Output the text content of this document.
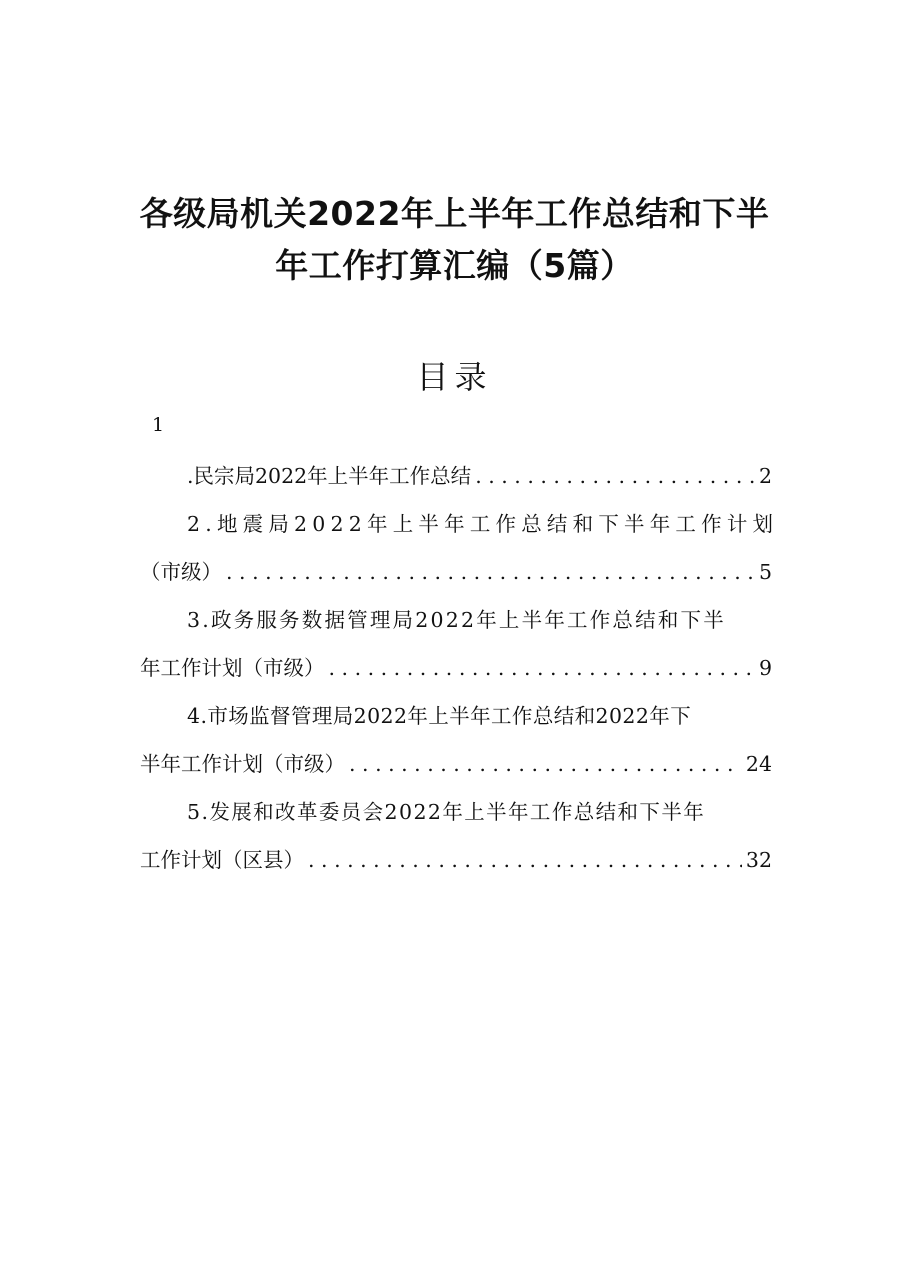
各级局机关2022年上半年工作总结和下半
年工作打算汇编（5篇）
目录
1
.民宗局2022年上半年工作总结 . . .	2
2.地震局2022年上半年工作总结和下半年工作计划
（市级） . . .	5
3.政务服务数据管理局2022年上半年工作总结和下半
年工作计划（市级） . . .	9
4.市场监督管理局2022年上半年工作总结和2022年下
半年工作计划（市级） . . .	24
5.发展和改革委员会2022年上半年工作总结和下半年
工作计划（区县） . . .	32
